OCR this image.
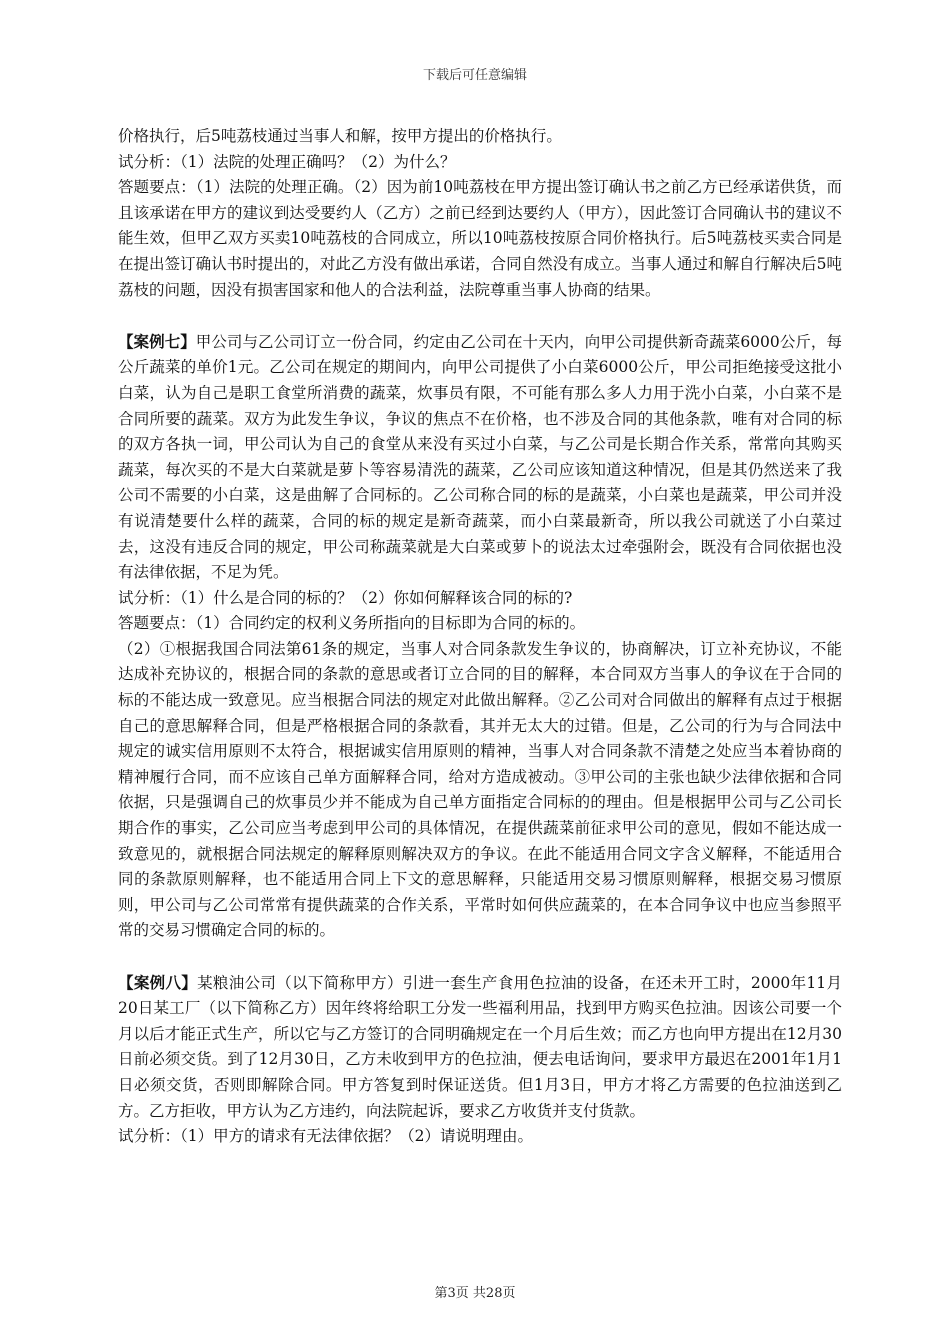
下载后可任意编辑

价格执行，后5吨荔枝通过当事人和解，按甲方提出的价格执行。

试分析：（1）法院的处理正确吗？（2）为什么？

答题要点：（1）法院的处理正确。（2）因为前10吨荔枝在甲方提出签订确认书之前乙方已经承诺供货，而且该承诺在甲方的建议到达受要约人（乙方）之前已经到达要约人（甲方），因此签订合同确认书的建议不能生效，但甲乙双方买卖10吨荔枝的合同成立，所以10吨荔枝按原合同价格执行。后5吨荔枝买卖合同是在提出签订确认书时提出的，对此乙方没有做出承诺，合同自然没有成立。当事人通过和解自行解决后5吨荔枝的问题，因没有损害国家和他人的合法利益，法院尊重当事人协商的结果。

【案例七】甲公司与乙公司订立一份合同，约定由乙公司在十天内，向甲公司提供新奇蔬菜6000公斤，每公斤蔬菜的单价1元。乙公司在规定的期间内，向甲公司提供了小白菜6000公斤，甲公司拒绝接受这批小白菜，认为自己是职工食堂所消费的蔬菜，炊事员有限，不可能有那么多人力用于洗小白菜，小白菜不是合同所要的蔬菜。双方为此发生争议，争议的焦点不在价格，也不涉及合同的其他条款，唯有对合同的标的双方各执一词，甲公司认为自己的食堂从来没有买过小白菜，与乙公司是长期合作关系，常常向其购买蔬菜，每次买的不是大白菜就是萝卜等容易清洗的蔬菜，乙公司应该知道这种情况，但是其仍然送来了我公司不需要的小白菜，这是曲解了合同标的。乙公司称合同的标的是蔬菜，小白菜也是蔬菜，甲公司并没有说清楚要什么样的蔬菜，合同的标的规定是新奇蔬菜，而小白菜最新奇，所以我公司就送了小白菜过去，这没有违反合同的规定，甲公司称蔬菜就是大白菜或萝卜的说法太过牵强附会，既没有合同依据也没有法律依据，不足为凭。

试分析：（1）什么是合同的标的？（2）你如何解释该合同的标的?

答题要点：（1）合同约定的权利义务所指向的目标即为合同的标的。

（2）①根据我国合同法第61条的规定，当事人对合同条款发生争议的，协商解决，订立补充协议，不能达成补充协议的，根据合同的条款的意思或者订立合同的目的解释，本合同双方当事人的争议在于合同的标的不能达成一致意见。应当根据合同法的规定对此做出解释。②乙公司对合同做出的解释有点过于根据自己的意思解释合同，但是严格根据合同的条款看，其并无太大的过错。但是，乙公司的行为与合同法中规定的诚实信用原则不太符合，根据诚实信用原则的精神，当事人对合同条款不清楚之处应当本着协商的精神履行合同，而不应该自己单方面解释合同，给对方造成被动。③甲公司的主张也缺少法律依据和合同依据，只是强调自己的炊事员少并不能成为自己单方面指定合同标的的理由。但是根据甲公司与乙公司长期合作的事实，乙公司应当考虑到甲公司的具体情况，在提供蔬菜前征求甲公司的意见，假如不能达成一致意见的，就根据合同法规定的解释原则解决双方的争议。在此不能适用合同文字含义解释，不能适用合同的条款原则解释，也不能适用合同上下文的意思解释，只能适用交易习惯原则解释，根据交易习惯原则，甲公司与乙公司常常有提供蔬菜的合作关系，平常时如何供应蔬菜的，在本合同争议中也应当参照平常的交易习惯确定合同的标的。

【案例八】某粮油公司（以下简称甲方）引进一套生产食用色拉油的设备，在还未开工时，2000年11月20日某工厂（以下简称乙方）因年终将给职工分发一些福利用品，找到甲方购买色拉油。因该公司要一个月以后才能正式生产，所以它与乙方签订的合同明确规定在一个月后生效；而乙方也向甲方提出在12月30日前必须交货。到了12月30日，乙方未收到甲方的色拉油，便去电话询问，要求甲方最迟在2001年1月1日必须交货，否则即解除合同。甲方答复到时保证送货。但1月3日，甲方才将乙方需要的色拉油送到乙方。乙方拒收，甲方认为乙方违约，向法院起诉，要求乙方收货并支付货款。

试分析：（1）甲方的请求有无法律依据？（2）请说明理由。

第3页 共28页
